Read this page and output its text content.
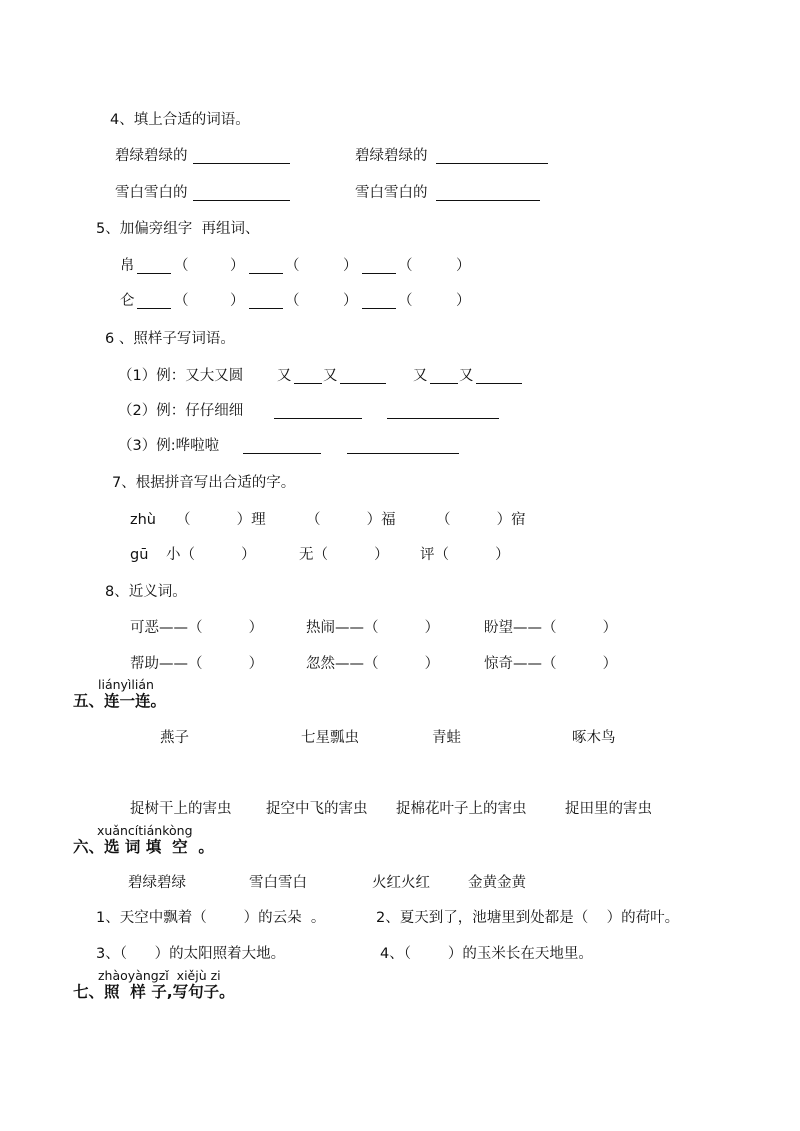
4、填上合适的词语。
碧绿碧绿的	碧绿碧绿的
雪白雪白的	雪白雪白的
5、加偏旁组字  再组词、
帛	（	）	（	）	（	）
仑	（	）	（	）	（	）
6 、照样子写词语。
（1）例：又大又圆 又 又	又 又
（2）例：仔仔细细
（3）例:哗啦啦
7、根据拼音写出合适的字。
zhù （          ）理	（          ）福	（          ）宿
gū 小（          ）	无（          ） 评（          ）
8、近义词。
可恶——（          ）	热闹——（          ）	盼望——（          ）
帮助——（          ）	忽然——（          ）	惊奇——（          ）
liányìlián
五、连一连。
燕子	七星瓢虫	青蛙	啄木鸟
捉树干上的害虫 捉空中飞的害虫 捉棉花叶子上的害虫	捉田里的害虫
xuǎncítiánkòng
六、选 词 填  空  。
碧绿碧绿	雪白雪白	火红火红	金黄金黄
1、天空中飘着（        ）的云朵  。	2、夏天到了，池塘里到处都是（    ）的荷叶。
3、（      ）的太阳照着大地。	4、（        ）的玉米长在天地里。
zhàoyàngzǐ  xiějù zi
七、照  样 子,写句子。
